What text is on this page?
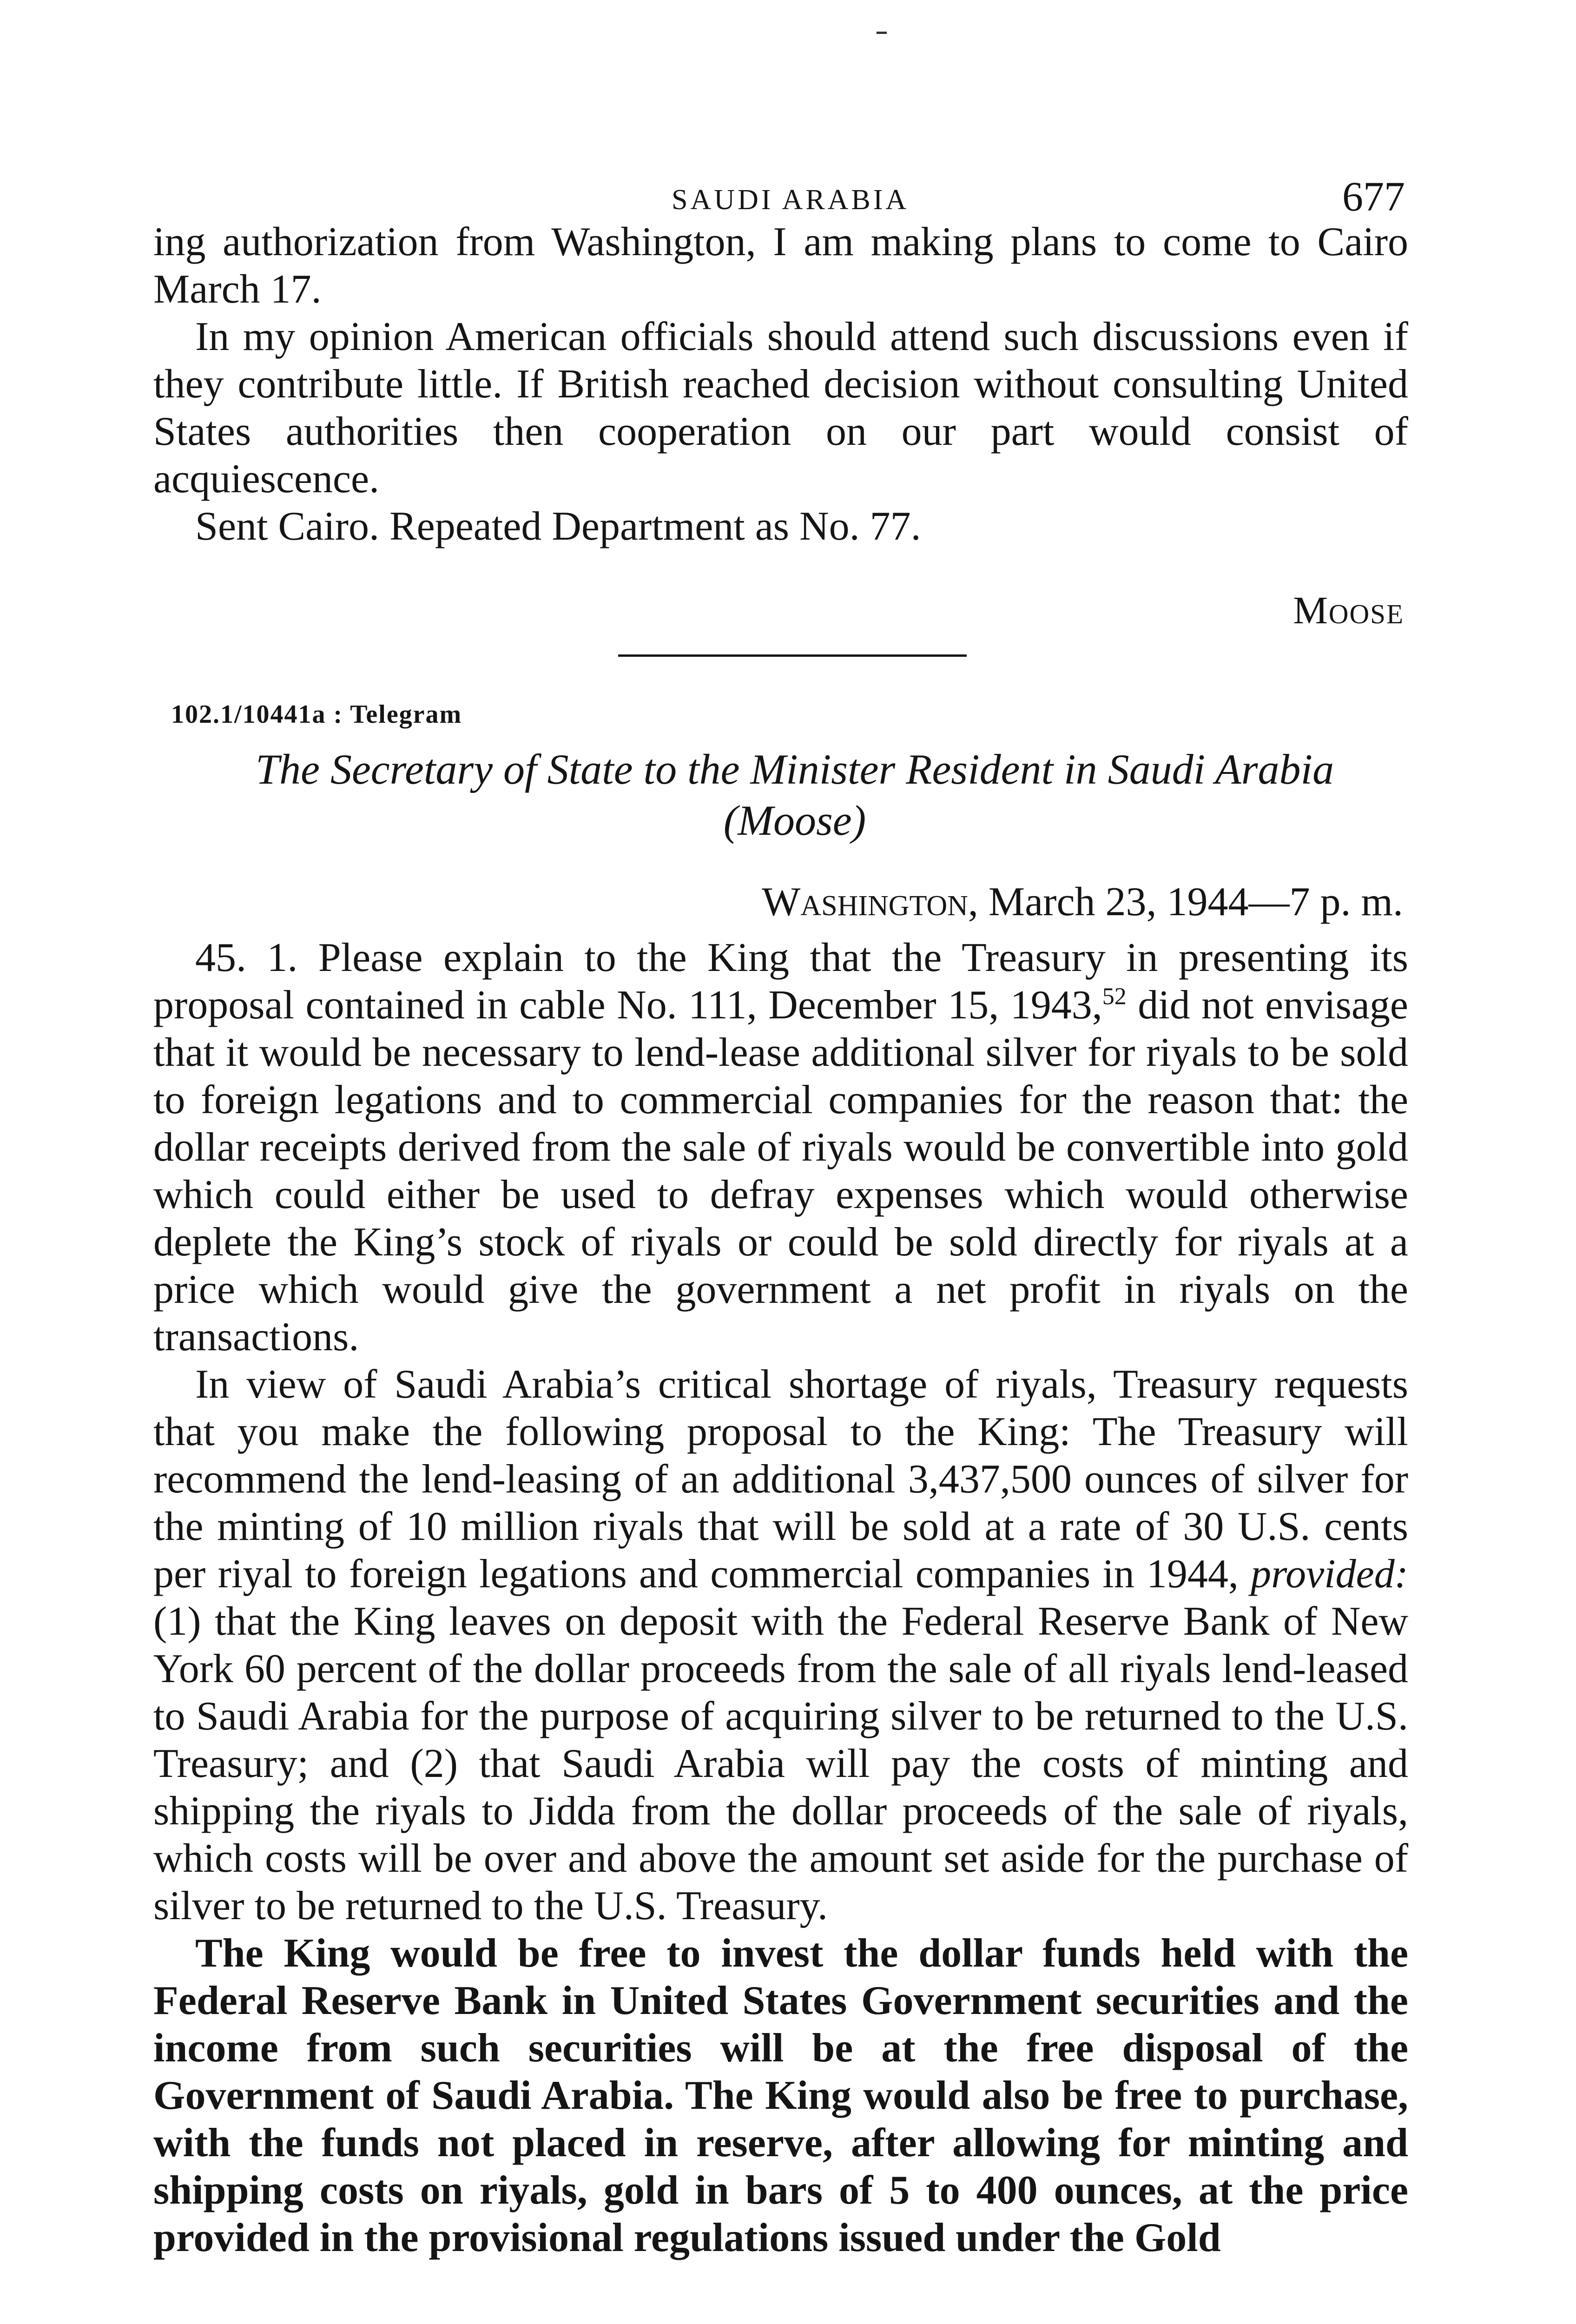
SAUDI ARABIA	677

ing authorization from Washington, I am making plans to come to Cairo March 17.

In my opinion American officials should attend such discussions even if they contribute little. If British reached decision without consulting United States authorities then cooperation on our part would consist of acquiescence.

Sent Cairo. Repeated Department as No. 77.

Moose
102.1/10441a : Telegram
The Secretary of State to the Minister Resident in Saudi Arabia
(Moose)
Washington, March 23, 1944—7 p. m.

45. 1. Please explain to the King that the Treasury in presenting its proposal contained in cable No. 111, December 15, 1943,52 did not envisage that it would be necessary to lend-lease additional silver for riyals to be sold to foreign legations and to commercial companies for the reason that: the dollar receipts derived from the sale of riyals would be convertible into gold which could either be used to defray expenses which would otherwise deplete the King’s stock of riyals or could be sold directly for riyals at a price which would give the government a net profit in riyals on the transactions.

In view of Saudi Arabia’s critical shortage of riyals, Treasury requests that you make the following proposal to the King: The Treasury will recommend the lend-leasing of an additional 3,437,500 ounces of silver for the minting of 10 million riyals that will be sold at a rate of 30 U.S. cents per riyal to foreign legations and commercial companies in 1944, provided: (1) that the King leaves on deposit with the Federal Reserve Bank of New York 60 percent of the dollar proceeds from the sale of all riyals lend-leased to Saudi Arabia for the purpose of acquiring silver to be returned to the U.S. Treasury; and (2) that Saudi Arabia will pay the costs of minting and shipping the riyals to Jidda from the dollar proceeds of the sale of riyals, which costs will be over and above the amount set aside for the purchase of silver to be returned to the U.S. Treasury.

The King would be free to invest the dollar funds held with the Federal Reserve Bank in United States Government securities and the income from such securities will be at the free disposal of the Government of Saudi Arabia. The King would also be free to purchase, with the funds not placed in reserve, after allowing for minting and shipping costs on riyals, gold in bars of 5 to 400 ounces, at the price provided in the provisional regulations issued under the Gold
